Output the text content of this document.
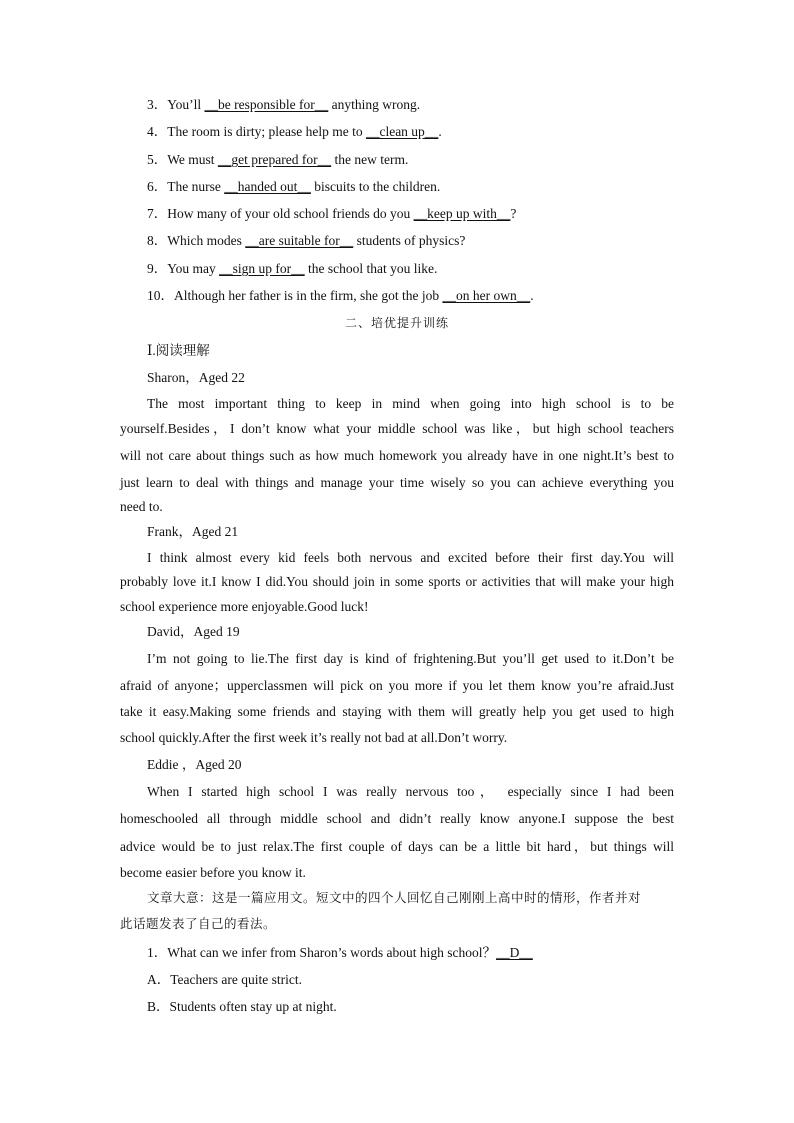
3．You’ll __be responsible for__ anything wrong.
4．The room is dirty; please help me to __clean up__.
5．We must __get prepared for__ the new term.
6．The nurse __handed out__ biscuits to the children.
7．How many of your old school friends do you __keep up with__?
8．Which modes __are suitable for__ students of physics?
9．You may __sign up for__ the school that you like.
10．Although her father is in the firm, she got the job __on her own__.
二、培优提升训练
Ⅰ.阅读理解
Sharon，Aged 22
The most important thing to keep in mind when going into high school is to be
yourself.Besides，I don’t know what your middle school was like，but high school teachers
will not care about things such as how much homework you already have in one night.It’s best to
just learn to deal with things and manage your time wisely so you can achieve everything you
need to.
Frank，Aged 21
I think almost every kid feels both nervous and excited before their first day.You will
probably love it.I know I did.You should join in some sports or activities that will make your high
school experience more enjoyable.Good luck!
David，Aged 19
I’m not going to lie.The first day is kind of frightening.But you’ll get used to it.Don’t be
afraid of anyone；upperclassmen will pick on you more if you let them know you’re afraid.Just
take it easy.Making some friends and staying with them will greatly help you get used to high
school quickly.After the first week it’s really not bad at all.Don’t worry.
Eddie ，Aged 20
When I started high school I was really nervous too， especially since I had been
homeschooled all through middle school and didn’t really know anyone.I suppose the best
advice would be to just relax.The first couple of days can be a little bit hard，but things will
become easier before you know it.
文章大意：这是一篇应用文。短文中的四个人回忆自己刚刚上高中时的情形，作者并对
此话题发表了自己的看法。
1．What can we infer from Sharon’s words about high school？__D__
A．Teachers are quite strict.
B．Students often stay up at night.
